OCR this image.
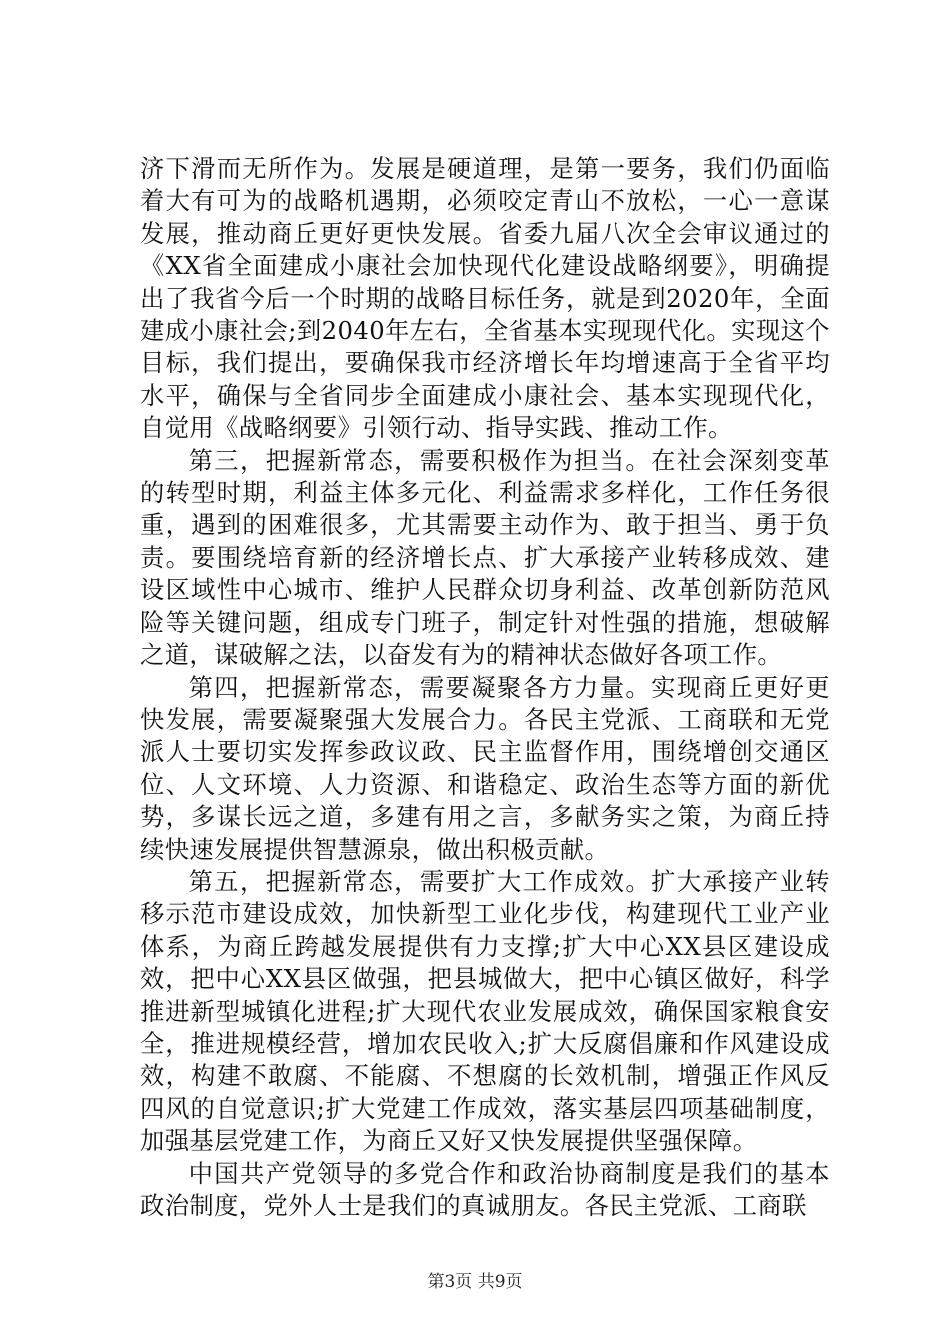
济下滑而无所作为。发展是硬道理，是第一要务，我们仍面临着大有可为的战略机遇期，必须咬定青山不放松，一心一意谋发展，推动商丘更好更快发展。省委九届八次全会审议通过的《XX省全面建成小康社会加快现代化建设战略纲要》，明确提出了我省今后一个时期的战略目标任务，就是到2020年，全面建成小康社会;到2040年左右，全省基本实现现代化。实现这个目标，我们提出，要确保我市经济增长年均增速高于全省平均水平，确保与全省同步全面建成小康社会、基本实现现代化，自觉用《战略纲要》引领行动、指导实践、推动工作。

第三，把握新常态，需要积极作为担当。在社会深刻变革的转型时期，利益主体多元化、利益需求多样化，工作任务很重，遇到的困难很多，尤其需要主动作为、敢于担当、勇于负责。要围绕培育新的经济增长点、扩大承接产业转移成效、建设区域性中心城市、维护人民群众切身利益、改革创新防范风险等关键问题，组成专门班子，制定针对性强的措施，想破解之道，谋破解之法，以奋发有为的精神状态做好各项工作。

第四，把握新常态，需要凝聚各方力量。实现商丘更好更快发展，需要凝聚强大发展合力。各民主党派、工商联和无党派人士要切实发挥参政议政、民主监督作用，围绕增创交通区位、人文环境、人力资源、和谐稳定、政治生态等方面的新优势，多谋长远之道，多建有用之言，多献务实之策，为商丘持续快速发展提供智慧源泉，做出积极贡献。

第五，把握新常态，需要扩大工作成效。扩大承接产业转移示范市建设成效，加快新型工业化步伐，构建现代工业产业体系，为商丘跨越发展提供有力支撑;扩大中心XX县区建设成效，把中心XX县区做强，把县城做大，把中心镇区做好，科学推进新型城镇化进程;扩大现代农业发展成效，确保国家粮食安全，推进规模经营，增加农民收入;扩大反腐倡廉和作风建设成效，构建不敢腐、不能腐、不想腐的长效机制，增强正作风反四风的自觉意识;扩大党建工作成效，落实基层四项基础制度，加强基层党建工作，为商丘又好又快发展提供坚强保障。

中国共产党领导的多党合作和政治协商制度是我们的基本政治制度，党外人士是我们的真诚朋友。各民主党派、工商联

第3页 共9页
